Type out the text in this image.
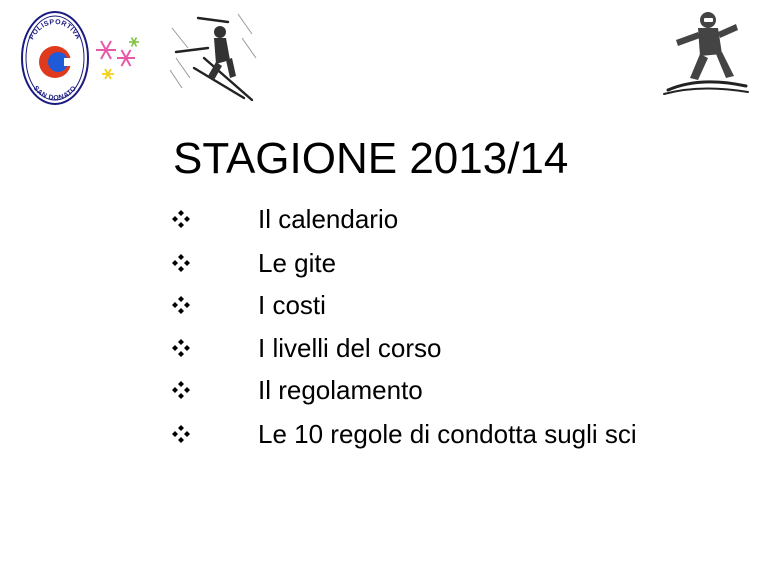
POLISPORTIVA
SAN DONATO
STAGIONE 2013/14
Il calendario
Le gite
I costi
I livelli del corso
Il regolamento
Le 10 regole di condotta sugli sci
